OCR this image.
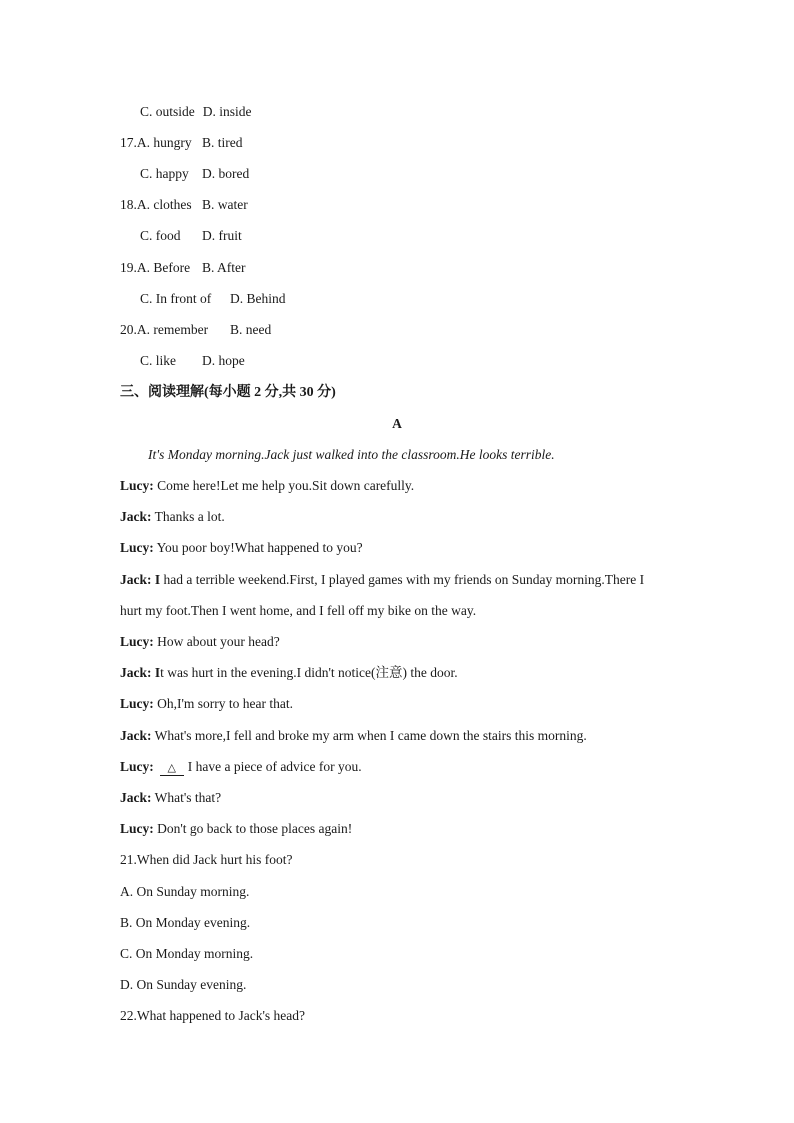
C. outside D. inside
17.A. hungry B. tired
C. happy D. bored
18.A. clothes B. water
C. food D. fruit
19.A. Before B. After
C. In front of D. Behind
20.A. remember B. need
C. like D. hope
三、阅读理解(每小题 2 分,共 30 分)
A
It's Monday morning.Jack just walked into the classroom.He looks terrible.
Lucy: Come here!Let me help you.Sit down carefully.
Jack: Thanks a lot.
Lucy: You poor boy!What happened to you?
Jack: I had a terrible weekend.First, I played games with my friends on Sunday morning.There I
hurt my foot.Then I went home, and I fell off my bike on the way.
Lucy: How about your head?
Jack: It was hurt in the evening.I didn't notice(注意) the door.
Lucy: Oh,I'm sorry to hear that.
Jack: What's more,I fell and broke my arm when I came down the stairs this morning.
Lucy: △ I have a piece of advice for you.
Jack: What's that?
Lucy: Don't go back to those places again!
21.When did Jack hurt his foot?
A. On Sunday morning.
B. On Monday evening.
C. On Monday morning.
D. On Sunday evening.
22.What happened to Jack's head?
